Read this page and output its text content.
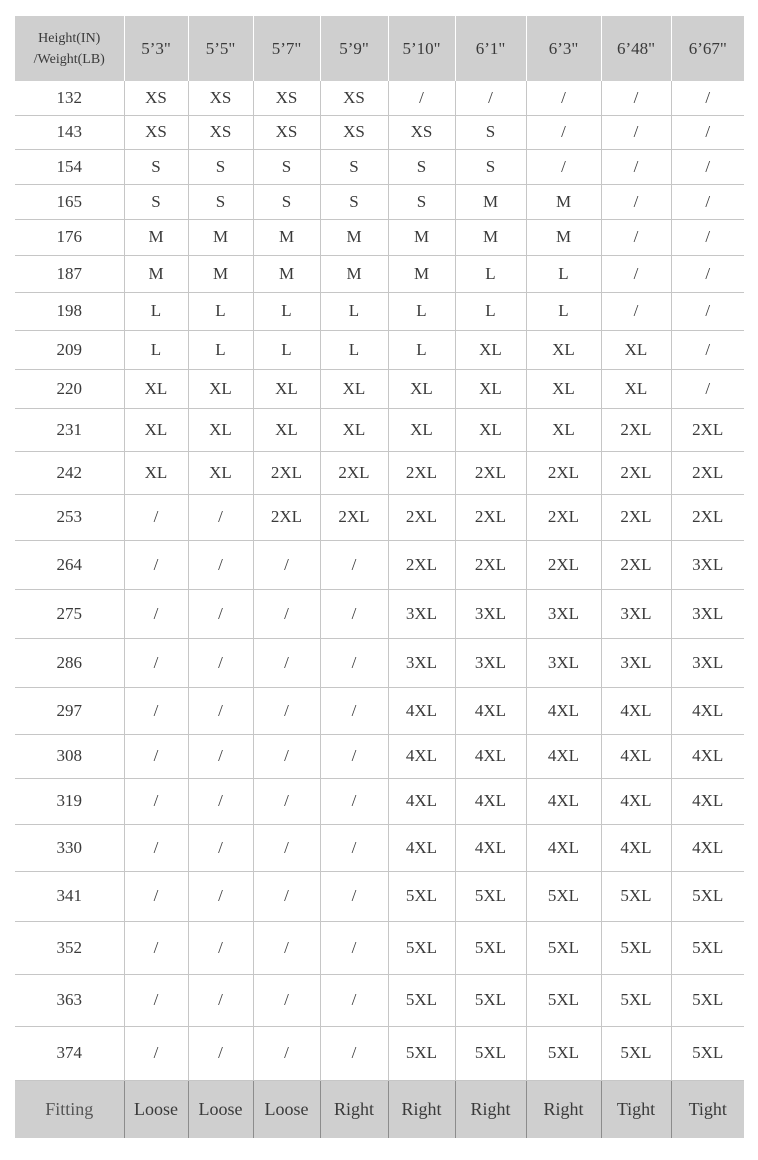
Height(IN)
/Weight(LB)	5’3"	5’5"	5’7"	5’9"	5’10"	6’1"	6’3"	6’48"	6’67"
132	XS	XS	XS	XS	/	/	/	/	/
143	XS	XS	XS	XS	XS	S	/	/	/
154	S	S	S	S	S	S	/	/	/
165	S	S	S	S	S	M	M	/	/
176	M	M	M	M	M	M	M	/	/
187	M	M	M	M	M	L	L	/	/
198	L	L	L	L	L	L	L	/	/
209	L	L	L	L	L	XL	XL	XL	/
220	XL	XL	XL	XL	XL	XL	XL	XL	/
231	XL	XL	XL	XL	XL	XL	XL	2XL	2XL
242	XL	XL	2XL	2XL	2XL	2XL	2XL	2XL	2XL
253	/	/	2XL	2XL	2XL	2XL	2XL	2XL	2XL
264	/	/	/	/	2XL	2XL	2XL	2XL	3XL
275	/	/	/	/	3XL	3XL	3XL	3XL	3XL
286	/	/	/	/	3XL	3XL	3XL	3XL	3XL
297	/	/	/	/	4XL	4XL	4XL	4XL	4XL
308	/	/	/	/	4XL	4XL	4XL	4XL	4XL
319	/	/	/	/	4XL	4XL	4XL	4XL	4XL
330	/	/	/	/	4XL	4XL	4XL	4XL	4XL
341	/	/	/	/	5XL	5XL	5XL	5XL	5XL
352	/	/	/	/	5XL	5XL	5XL	5XL	5XL
363	/	/	/	/	5XL	5XL	5XL	5XL	5XL
374	/	/	/	/	5XL	5XL	5XL	5XL	5XL
Fitting	Loose	Loose	Loose	Right	Right	Right	Right	Tight	Tight
